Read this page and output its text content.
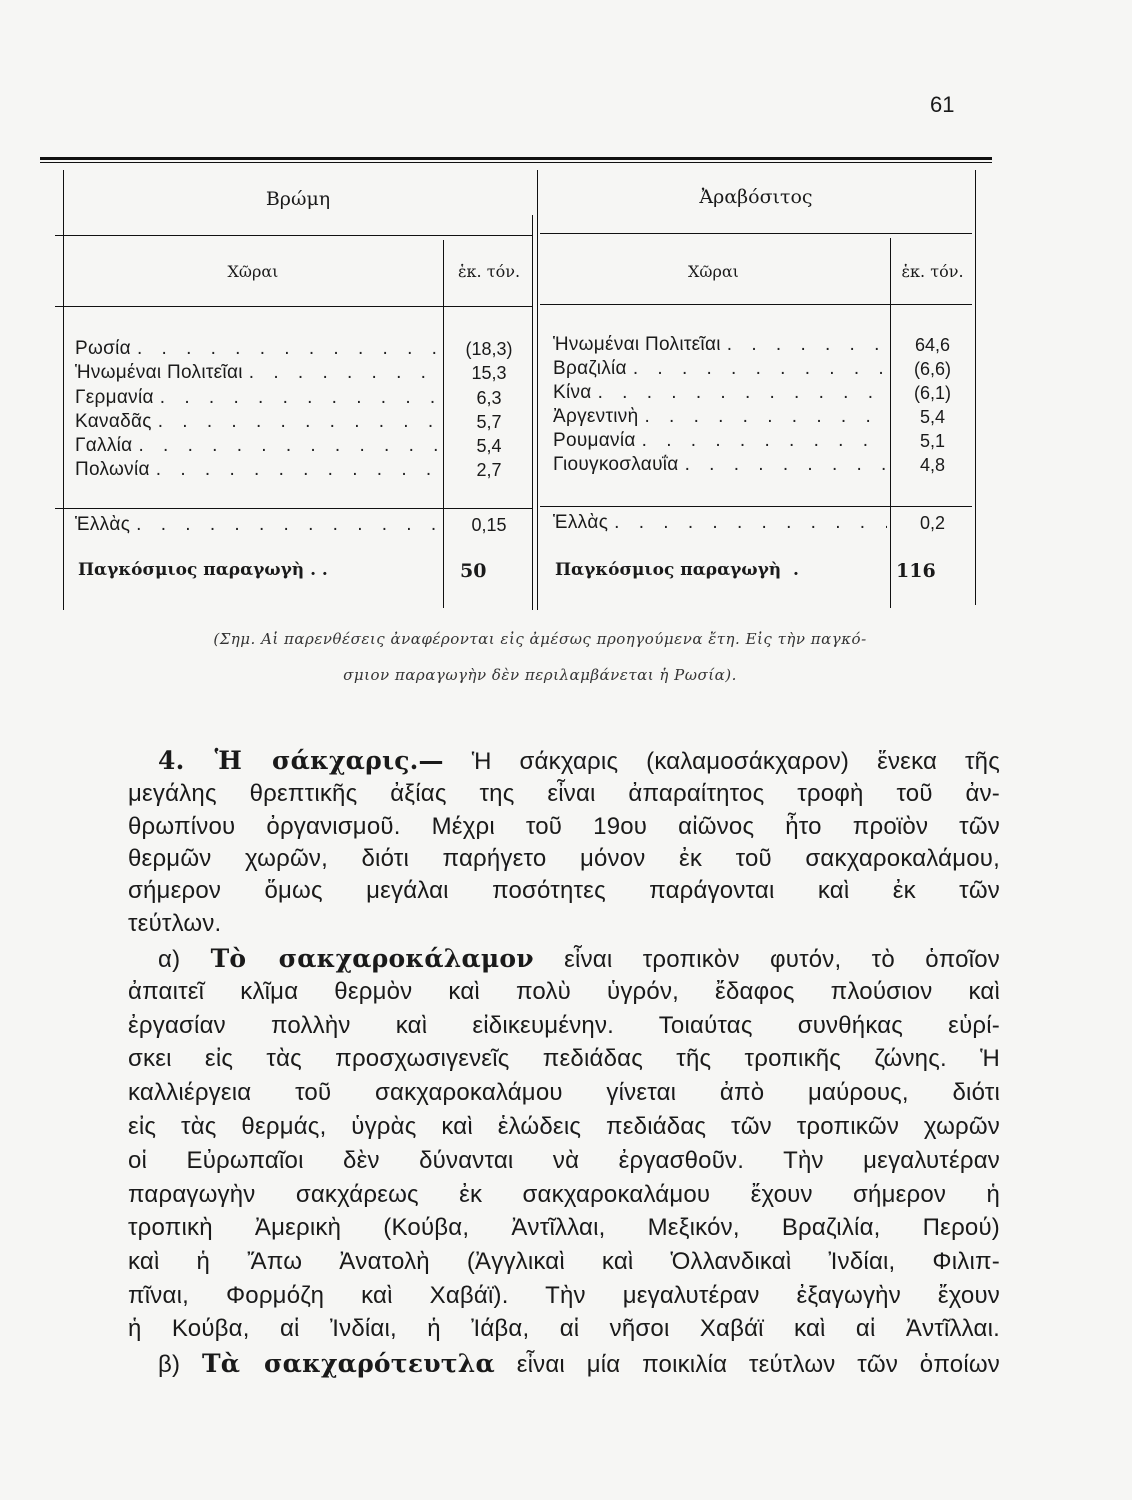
61
Βρώμη	Ἀραβόσιτος
Χῶραι	ἑκ. τόν.	Χῶραι	ἑκ. τόν.
Ρωσία . . .	(18,3)
Ἡνωμέναι Πολιτεῖαι . . .	15,3
Γερμανία . . .	6,3
Καναδᾶς . . .	5,7
Γαλλία . . .	5,4
Πολωνία . . .	2,7
Ἡνωμέναι Πολιτεῖαι . . .	64,6
Βραζιλία . . .	(6,6)
Κίνα . . .	(6,1)
Ἀργεντινὴ . . .	5,4
Ρουμανία . . .	5,1
Γιουγκοσλαυΐα . . .	4,8
Ἑλλὰς . . .	0,15	Ἑλλὰς . . .	0,2
Παγκόσμιος παραγωγὴ . .	50	Παγκόσμιος παραγωγὴ  .	116
(Σημ. Αἱ παρενθέσεις ἀναφέρονται εἰς ἀμέσως προηγούμενα ἔτη. Εἰς τὴν παγκό-
σμιον παραγωγὴν δὲν περιλαμβάνεται ἡ Ρωσία).
4. Ἡ σάκχαρις.— Ἡ σάκχαρις (καλαμοσάκχαρον) ἕνεκα τῆς
μεγάλης θρεπτικῆς ἀξίας της εἶναι ἀπαραίτητος τροφὴ τοῦ ἀν-
θρωπίνου ὀργανισμοῦ. Μέχρι τοῦ 19ου αἰῶνος ἦτο προϊὸν τῶν
θερμῶν χωρῶν, διότι παρήγετο μόνον ἐκ τοῦ σακχαροκαλάμου,
σήμερον ὅμως μεγάλαι ποσότητες παράγονται καὶ ἐκ τῶν
τεύτλων.
α) Τὸ σακχαροκάλαμον εἶναι τροπικὸν φυτόν, τὸ ὁποῖον
ἀπαιτεῖ κλῖμα θερμὸν καὶ πολὺ ὑγρόν, ἔδαφος πλούσιον καὶ
ἐργασίαν πολλὴν καὶ εἰδικευμένην. Τοιαύτας συνθήκας εὑρί-
σκει εἰς τὰς προσχωσιγενεῖς πεδιάδας τῆς τροπικῆς ζώνης. Ἡ
καλλιέργεια τοῦ σακχαροκαλάμου γίνεται ἀπὸ μαύρους, διότι
εἰς τὰς θερμάς, ὑγρὰς καὶ ἑλώδεις πεδιάδας τῶν τροπικῶν χωρῶν
οἱ Εὐρωπαῖοι δὲν δύνανται νὰ ἐργασθοῦν. Τὴν μεγαλυτέραν
παραγωγὴν σακχάρεως ἐκ σακχαροκαλάμου ἔχουν σήμερον ἡ
τροπικὴ Ἀμερικὴ (Κούβα, Ἀντῖλλαι, Μεξικόν, Βραζιλία, Περού)
καὶ ἡ Ἄπω Ἀνατολὴ (Ἀγγλικαὶ καὶ Ὁλλανδικαὶ Ἰνδίαι, Φιλιπ-
πῖναι, Φορμόζη καὶ Χαβάϊ). Τὴν μεγαλυτέραν ἐξαγωγὴν ἔχουν
ἡ Κούβα, αἱ Ἰνδίαι, ἡ Ἰάβα, αἱ νῆσοι Χαβάϊ καὶ αἱ Ἀντῖλλαι.
β) Τὰ σακχαρότευτλα εἶναι μία ποικιλία τεύτλων τῶν ὁποίων
